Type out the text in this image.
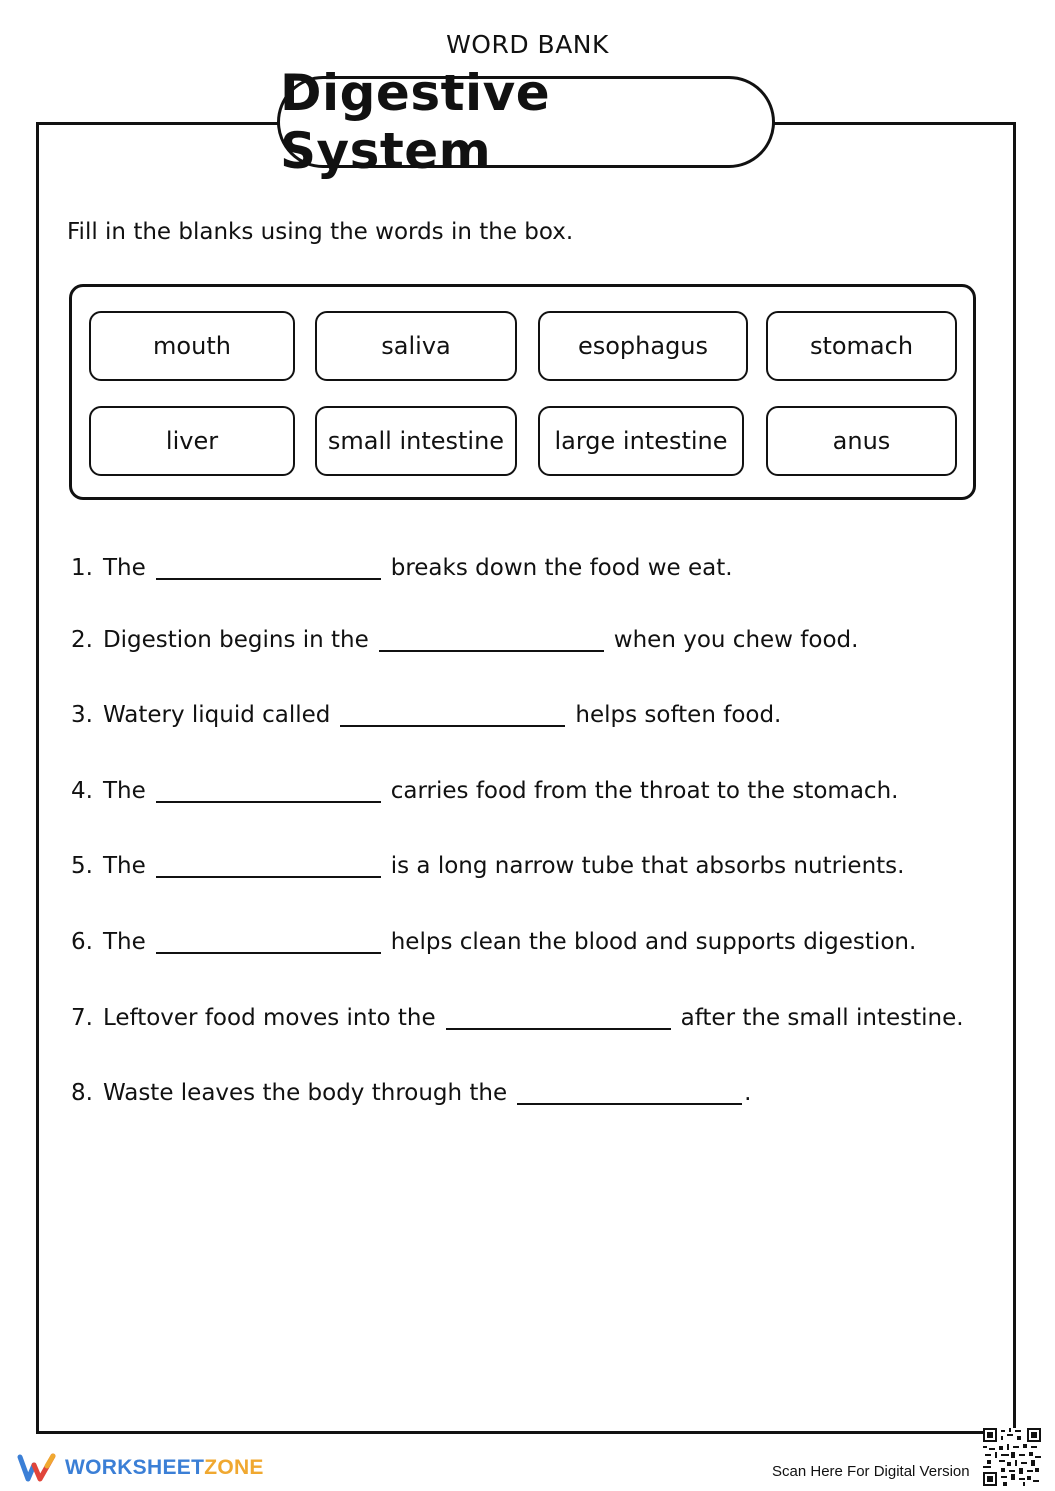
WORD BANK
Digestive System
Fill in the blanks using the words in the box.
mouth	saliva	esophagus	stomach
liver	small intestine	large intestine	anus
1. The	breaks down the food we eat.
2. Digestion begins in the	when you chew food.
3. Watery liquid called	helps soften food.
4. The	carries food from the throat to the stomach.
5. The	is a long narrow tube that absorbs nutrients.
6. The	helps clean the blood and supports digestion.
7. Leftover food moves into the	after the small intestine.
8. Waste leaves the body through the	.
WORKSHEETZONE	Scan Here For Digital Version
